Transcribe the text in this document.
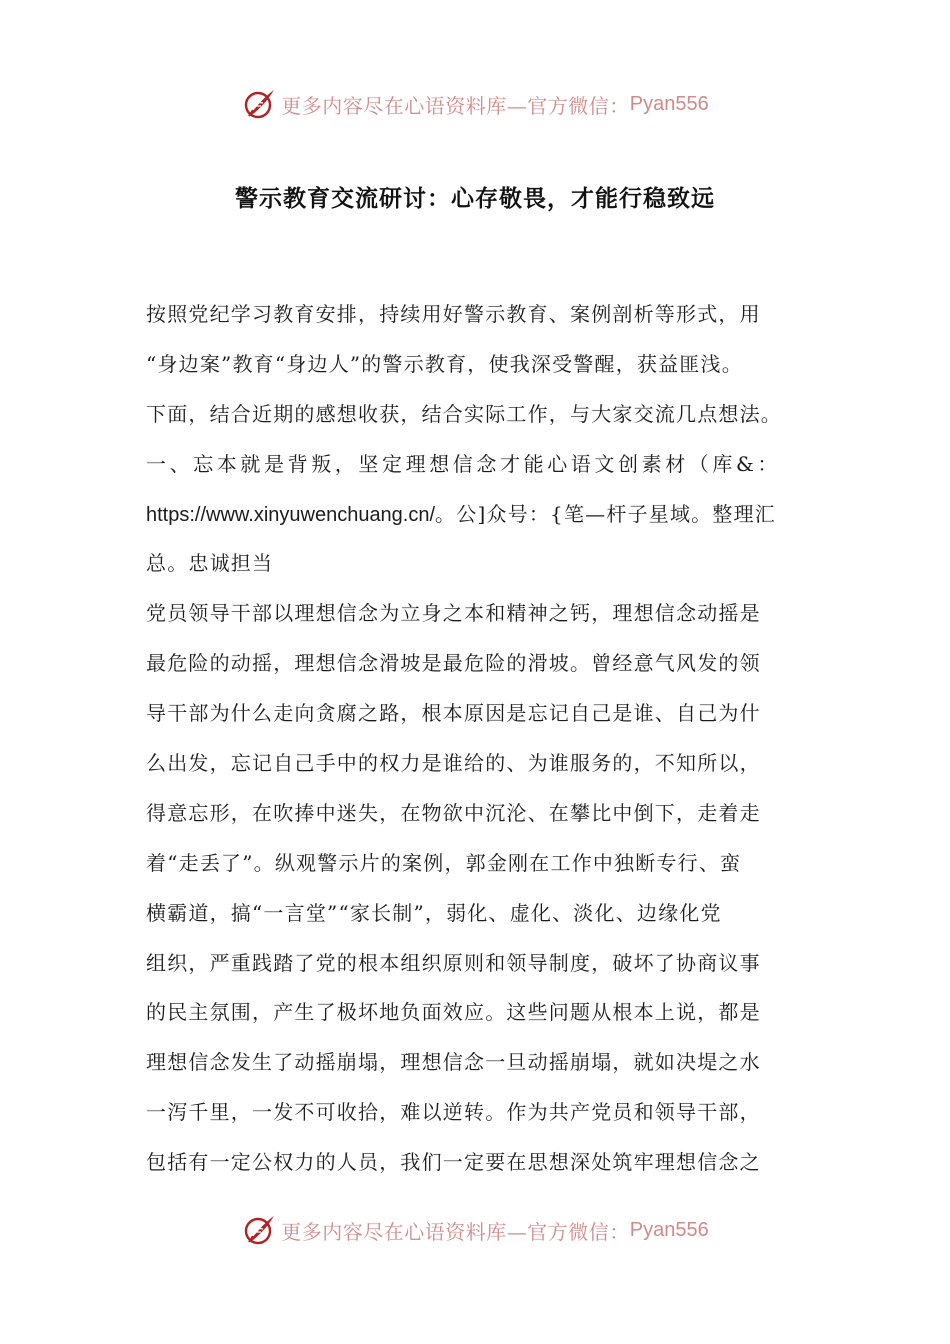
更多内容尽在心语资料库—官方微信： Pyan556
警示教育交流研讨：心存敬畏，才能行稳致远
按照党纪学习教育安排，持续用好警示教育、案例剖析等形式，用
“身边案”教育“身边人”的警示教育，使我深受警醒，获益匪浅。
下面，结合近期的感想收获，结合实际工作，与大家交流几点想法。
一、忘本就是背叛，坚定理想信念才能心语文创素材（库&：
https://www.xinyuwenchuang.cn/。公]众号：{笔—杆子星域。整理汇
总。忠诚担当
党员领导干部以理想信念为立身之本和精神之钙，理想信念动摇是
最危险的动摇，理想信念滑坡是最危险的滑坡。曾经意气风发的领
导干部为什么走向贪腐之路，根本原因是忘记自己是谁、自己为什
么出发，忘记自己手中的权力是谁给的、为谁服务的，不知所以，
得意忘形，在吹捧中迷失，在物欲中沉沦、在攀比中倒下，走着走
着“走丢了”。纵观警示片的案例，郭金刚在工作中独断专行、蛮
横霸道，搞“一言堂”“家长制”，弱化、虚化、淡化、边缘化党
组织，严重践踏了党的根本组织原则和领导制度，破坏了协商议事
的民主氛围，产生了极坏地负面效应。这些问题从根本上说，都是
理想信念发生了动摇崩塌，理想信念一旦动摇崩塌，就如决堤之水
一泻千里，一发不可收拾，难以逆转。作为共产党员和领导干部，
包括有一定公权力的人员，我们一定要在思想深处筑牢理想信念之
更多内容尽在心语资料库—官方微信： Pyan556
